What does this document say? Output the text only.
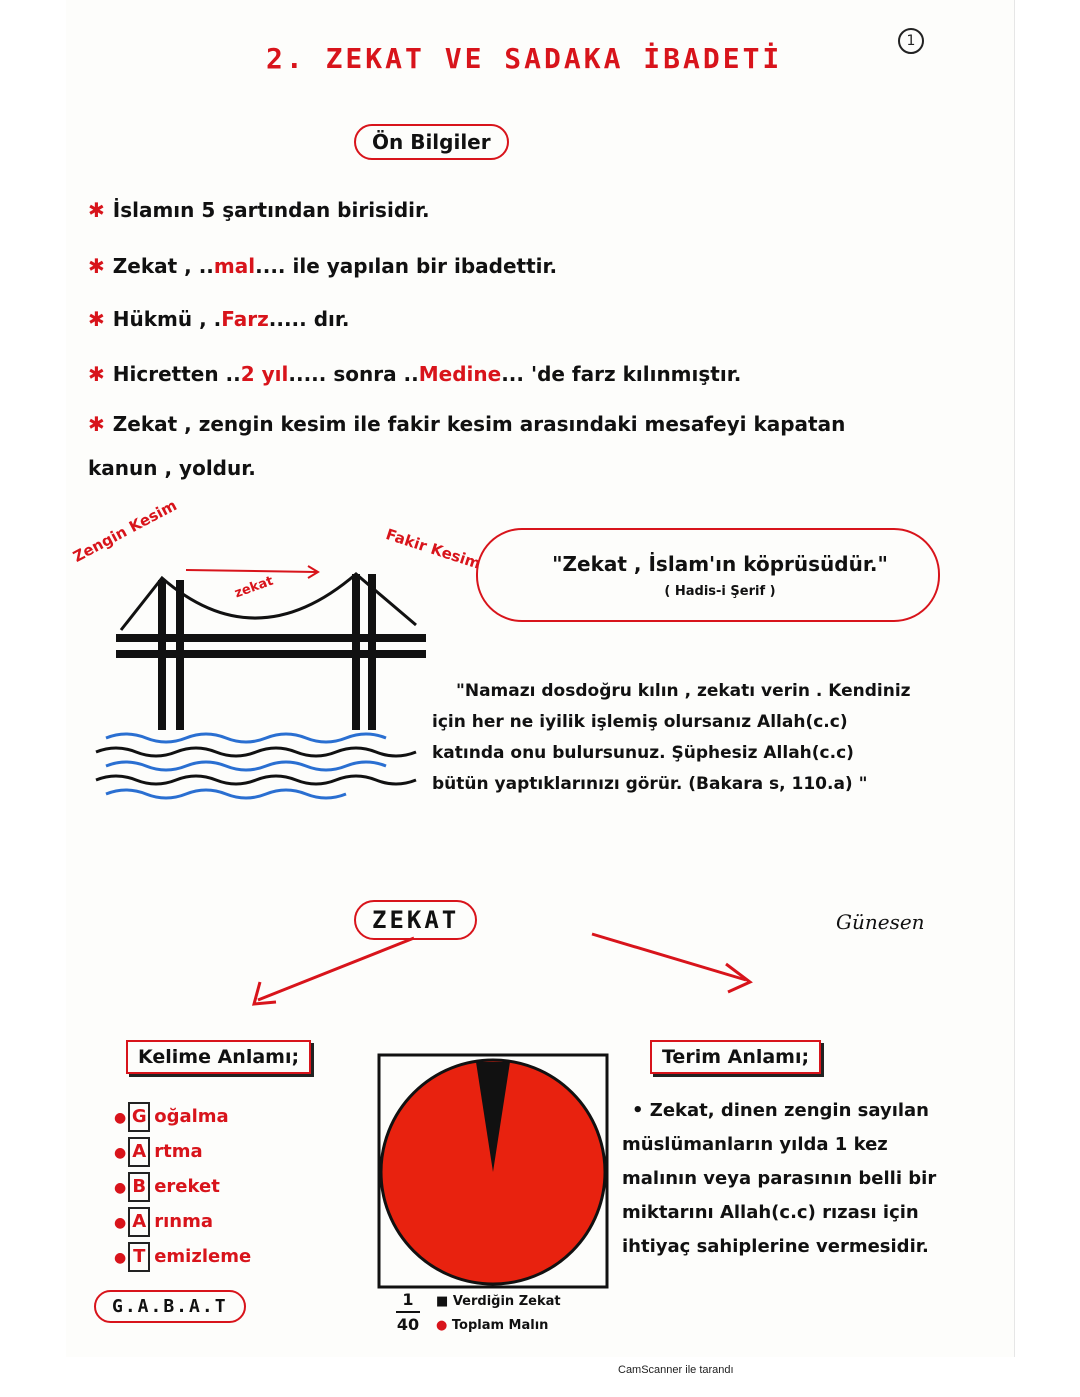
2. ZEKAT VE SADAKA İBADETİ
1
Ön Bilgiler
✱ İslamın 5 şartından birisidir.
✱ Zekat , ..mal.... ile yapılan bir ibadettir.
✱ Hükmü , .Farz..... dır.
✱ Hicretten ..2 yıl..... sonra ..Medine... 'de farz kılınmıştır.
✱ Zekat , zengin kesim ile fakir kesim arasındaki mesafeyi kapatan
kanun , yoldur.
Zengin Kesim	Fakir Kesim
zekat
"Zekat , İslam'ın köprüsüdür."
( Hadis-i Şerif )
"Namazı dosdoğru kılın , zekatı verin . Kendiniz
için her ne iyilik işlemiş olursanız Allah(c.c)
katında onu bulursunuz. Şüphesiz Allah(c.c)
bütün yaptıklarınızı görür. (Bakara s, 110.a) "
ZEKAT	Günesen
Kelime Anlamı;
● G oğalma
● A rtma
● B ereket
● A rınma
● T emizleme
G.A.B.A.T	1
40
■ Verdiğin Zekat
● Toplam Malın
Terim Anlamı;
• Zekat, dinen zengin sayılan
müslümanların yılda 1 kez
malının veya parasının belli bir
miktarını Allah(c.c) rızası için
ihtiyaç sahiplerine vermesidir.
CamScanner ile tarandı
